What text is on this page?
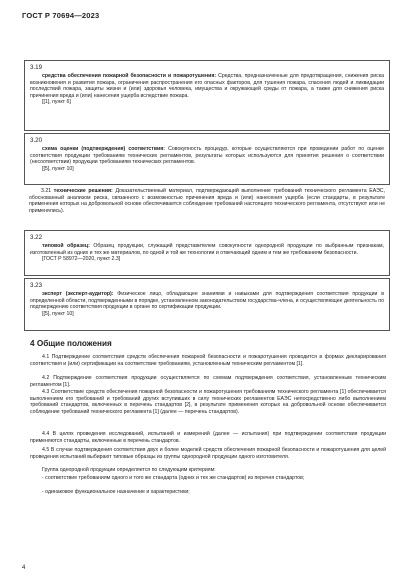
ГОСТ Р 70694—2023
3.19

средства обеспечения пожарной безопасности и пожаротушения: Средства, предназначенные для предотвращения, снижения риска возникновения и развития пожара, ограничения распространения его опасных факторов, для тушения пожара, спасения людей и ликвидации последствий пожара, защиты жизни и (или) здоровья человека, имущества и окружающей среды от пожара, а также для снижения риска причинения вреда и (или) нанесения ущерба вследствие пожара.

[[1], пункт 6]

3.20

схема оценки (подтверждения) соответствия: Совокупность процедур, которые осуществляются при проведении работ по оценке соответствия продукции требованиям технических регламентов, результаты которых используются для принятия решения о соответствии (несоответствии) продукции требованиям технических регламентов.

[[5], пункт 10]

3.21 технические решения: Доказательственный материал, подтверждающий выполнение требований технического регламента ЕАЭС, обоснованный анализом риска, связанного с возможностью причинения вреда и (или) нанесения ущерба (если стандарты, в результате применения которых на добровольной основе обеспечивается соблюдение требований настоящего технического регламента, отсутствуют или не применялись).

3.22

типовой образец: Образец продукции, служащий представителем совокупности однородной продукции по выбранным признакам, изготовленный из одних и тех же материалов, по одной и той же технологии и отвечающий одним и тем же требованиям безопасности.

[ГОСТ Р 58972—2020, пункт 2.3]

3.23

эксперт (эксперт-аудитор): Физическое лицо, обладающее знаниями и навыками для подтверждения соответствия продукции в определенной области, подтвержденными в порядке, установленном законодательством государства-члена, и осуществляющее деятельность по подтверждению соответствия продукции в органе по сертификации продукции.

[[5], пункт 10]

4 Общие положения

4.1 Подтверждение соответствия средств обеспечения пожарной безопасности и пожаротушения проводится в формах декларирования соответствия и (или) сертификации на соответствие требованиям, установленным техническим регламентом [1].

4.2 Подтверждение соответствия продукции осуществляется по схемам подтверждения соответствия, установленным техническим регламентом [1].

4.3 Соответствие средств обеспечения пожарной безопасности и пожаротушения требованиям технического регламента [1] обеспечивается выполнением его требований и требований других вступивших в силу технических регламентов ЕАЭС непосредственно либо выполнением требований стандартов, включенных в перечень стандартов [2], в результате применения которых на добровольной основе обеспечивается соблюдение требований технического регламента [1] (далее — перечень стандартов).

4.4 В целях проведения исследований, испытаний и измерений (далее — испытания) при подтверждении соответствия продукции применяются стандарты, включенные в перечень стандартов.

4.5 В случае подтверждения соответствия двух и более моделей средств обеспечения пожарной безопасности и пожаротушения для целей проведения испытаний выбирают типовые образцы из группы однородной продукции одного изготовителя.

Группа однородной продукции определяется по следующим критериям:

- соответствие требованиям одного и того же стандарта (одних и тех же стандартов) из перечня стандартов;

- одинаковое функциональное назначение и характеристики;

4
